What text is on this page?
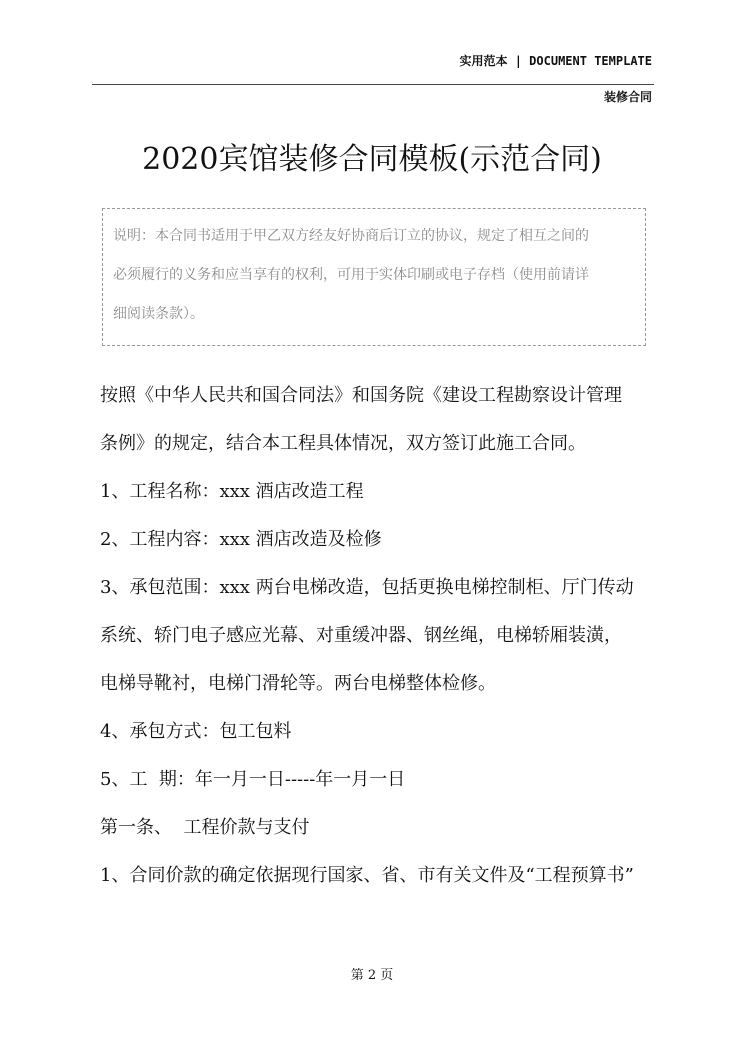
实用范本 | DOCUMENT TEMPLATE
装修合同
2020宾馆装修合同模板(示范合同)
说明：本合同书适用于甲乙双方经友好协商后订立的协议，规定了相互之间的
必须履行的义务和应当享有的权利，可用于实体印刷或电子存档（使用前请详
细阅读条款）。

按照《中华人民共和国合同法》和国务院《建设工程勘察设计管理

条例》的规定，结合本工程具体情况，双方签订此施工合同。

1、工程名称：xxx 酒店改造工程

2、工程内容：xxx 酒店改造及检修

3、承包范围：xxx 两台电梯改造，包括更换电梯控制柜、厅门传动

系统、轿门电子感应光幕、对重缓冲器、钢丝绳，电梯轿厢装潢，

电梯导靴衬，电梯门滑轮等。两台电梯整体检修。

4、承包方式：包工包料

5、工  期：年一月一日-----年一月一日

第一条、  工程价款与支付

1、合同价款的确定依据现行国家、省、市有关文件及“工程预算书”

第 2 页
